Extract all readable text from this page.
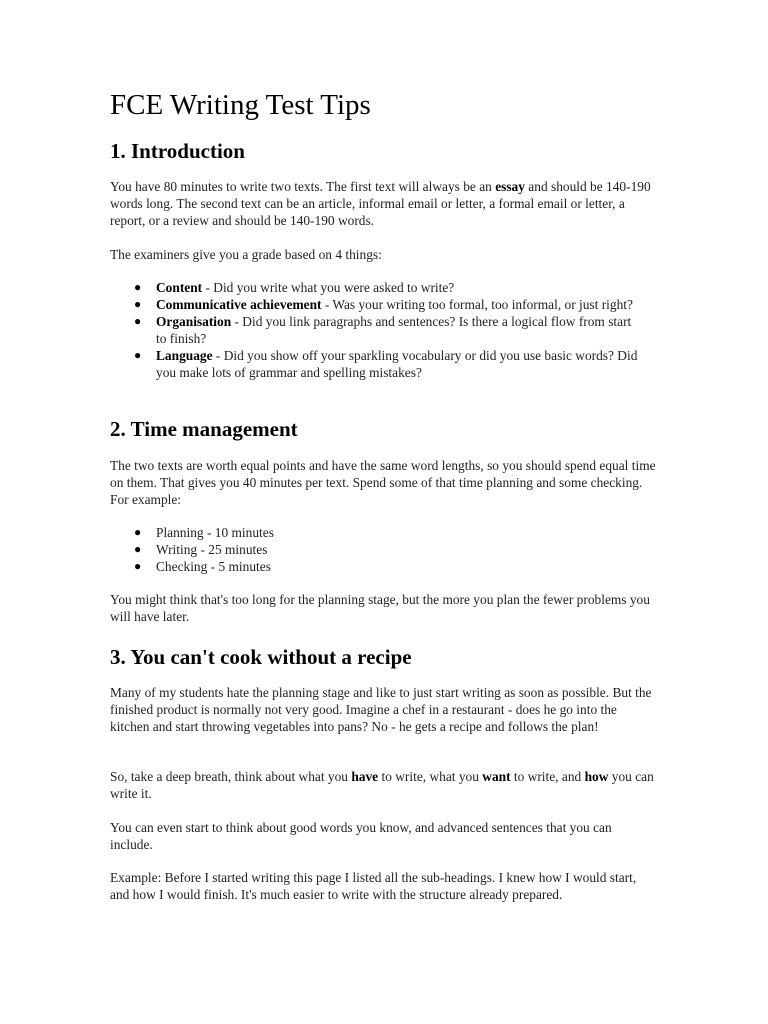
FCE Writing Test Tips
1. Introduction

You have 80 minutes to write two texts. The first text will always be an essay and should be 140-190 words long. The second text can be an article, informal email or letter, a formal email or letter, a report, or a review and should be 140-190 words.

The examiners give you a grade based on 4 things:

● Content - Did you write what you were asked to write?
● Communicative achievement - Was your writing too formal, too informal, or just right?
● Organisation - Did you link paragraphs and sentences? Is there a logical flow from start to finish?
● Language - Did you show off your sparkling vocabulary or did you use basic words? Did you make lots of grammar and spelling mistakes?
2. Time management

The two texts are worth equal points and have the same word lengths, so you should spend equal time on them. That gives you 40 minutes per text. Spend some of that time planning and some checking. For example:

● Planning - 10 minutes
● Writing - 25 minutes
● Checking - 5 minutes

You might think that's too long for the planning stage, but the more you plan the fewer problems you will have later.

3. You can't cook without a recipe

Many of my students hate the planning stage and like to just start writing as soon as possible. But the finished product is normally not very good. Imagine a chef in a restaurant - does he go into the kitchen and start throwing vegetables into pans? No - he gets a recipe and follows the plan!

So, take a deep breath, think about what you have to write, what you want to write, and how you can write it.

You can even start to think about good words you know, and advanced sentences that you can include.

Example: Before I started writing this page I listed all the sub-headings. I knew how I would start, and how I would finish. It's much easier to write with the structure already prepared.
